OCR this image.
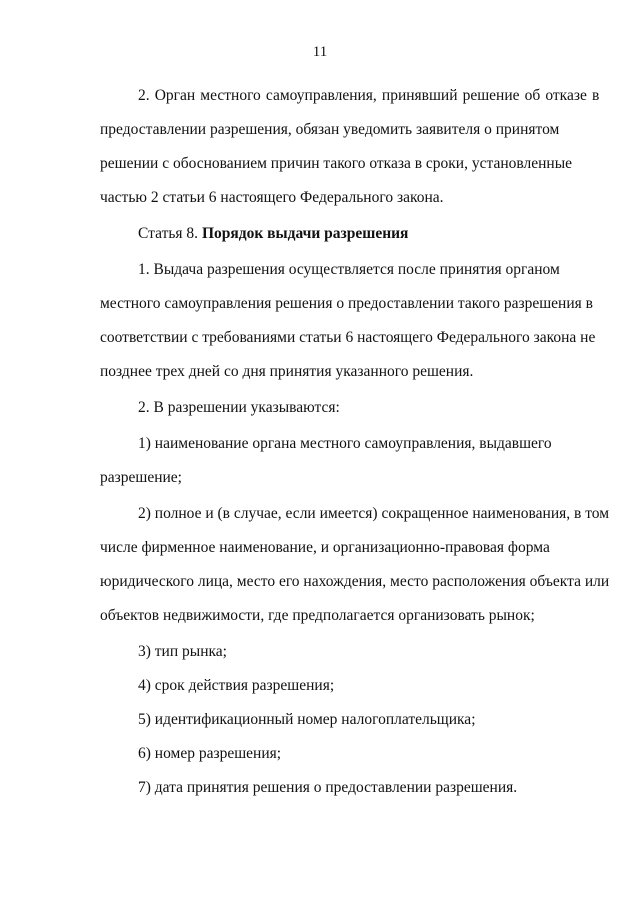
11
2. Орган местного самоуправления, принявший решение об отказе в
предоставлении разрешения, обязан уведомить заявителя о принятом
решении с обоснованием причин такого отказа в сроки, установленные
частью 2 статьи 6 настоящего Федерального закона.
Статья 8. Порядок выдачи разрешения
1. Выдача разрешения осуществляется после принятия органом
местного самоуправления решения о предоставлении такого разрешения в
соответствии с требованиями статьи 6 настоящего Федерального закона не
позднее трех дней со дня принятия указанного решения.
2. В разрешении указываются:
1) наименование органа местного самоуправления, выдавшего
разрешение;
2) полное и (в случае, если имеется) сокращенное наименования, в том
числе фирменное наименование, и организационно-правовая форма
юридического лица, место его нахождения, место расположения объекта или
объектов недвижимости, где предполагается организовать рынок;
3) тип рынка;
4) срок действия разрешения;
5) идентификационный номер налогоплательщика;
6) номер разрешения;
7) дата принятия решения о предоставлении разрешения.
